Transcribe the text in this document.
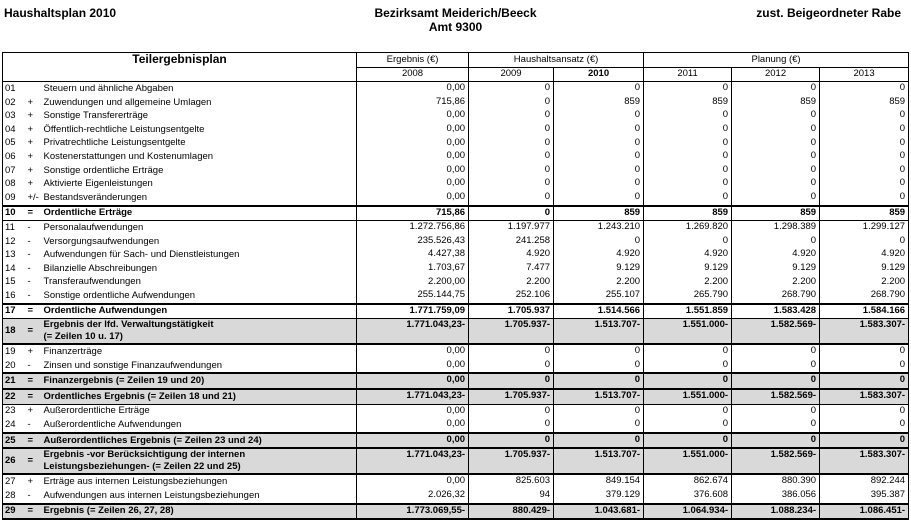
Haushaltsplan 2010	Bezirksamt Meiderich/Beeck
Amt 9300
zust. Beigeordneter Rabe
Teilergebnisplan			Ergebnis (€)	Haushaltsansatz (€)		Planung (€)		
			2008	2009	2010	2011	2012	2013
01		Steuern und ähnliche Abgaben	0,00	0	0	0	0	0
02	+	Zuwendungen und allgemeine Umlagen	715,86	0	859	859	859	859
03	+	Sonstige Transfererträge	0,00	0	0	0	0	0
04	+	Öffentlich-rechtliche Leistungsentgelte	0,00	0	0	0	0	0
05	+	Privatrechtliche Leistungsentgelte	0,00	0	0	0	0	0
06	+	Kostenerstattungen und Kostenumlagen	0,00	0	0	0	0	0
07	+	Sonstige ordentliche Erträge	0,00	0	0	0	0	0
08	+	Aktivierte Eigenleistungen	0,00	0	0	0	0	0
09	+/-	Bestandsveränderungen	0,00	0	0	0	0	0
10	=	Ordentliche Erträge	715,86	0	859	859	859	859
11	-	Personalaufwendungen	1.272.756,86	1.197.977	1.243.210	1.269.820	1.298.389	1.299.127
12	-	Versorgungsaufwendungen	235.526,43	241.258	0	0	0	0
13	-	Aufwendungen für Sach- und Dienstleistungen	4.427,38	4.920	4.920	4.920	4.920	4.920
14	-	Bilanzielle Abschreibungen	1.703,67	7.477	9.129	9.129	9.129	9.129
15	-	Transferaufwendungen	2.200,00	2.200	2.200	2.200	2.200	2.200
16	-	Sonstige ordentliche Aufwendungen	255.144,75	252.106	255.107	265.790	268.790	268.790
17	=	Ordentliche Aufwendungen	1.771.759,09	1.705.937	1.514.566	1.551.859	1.583.428	1.584.166
18	=	Ergebnis der lfd. Verwaltungstätigkeit
(= Zeilen 10 u. 17)	1.771.043,23-	1.705.937-	1.513.707-	1.551.000-	1.582.569-	1.583.307-
19	+	Finanzerträge	0,00	0	0	0	0	0
20	-	Zinsen und sonstige Finanzaufwendungen	0,00	0	0	0	0	0
21	=	Finanzergebnis (= Zeilen 19 und 20)	0,00	0	0	0	0	0
22	=	Ordentliches Ergebnis (= Zeilen 18 und 21)	1.771.043,23-	1.705.937-	1.513.707-	1.551.000-	1.582.569-	1.583.307-
23	+	Außerordentliche Erträge	0,00	0	0	0	0	0
24	-	Außerordentliche Aufwendungen	0,00	0	0	0	0	0
25	=	Außerordentliches Ergebnis (= Zeilen 23 und 24)	0,00	0	0	0	0	0
26	=	Ergebnis -vor Berücksichtigung der internen
Leistungsbeziehungen- (= Zeilen 22 und 25)	1.771.043,23-	1.705.937-	1.513.707-	1.551.000-	1.582.569-	1.583.307-
27	+	Erträge aus internen Leistungsbeziehungen	0,00	825.603	849.154	862.674	880.390	892.244
28	-	Aufwendungen aus internen Leistungsbeziehungen	2.026,32	94	379.129	376.608	386.056	395.387
29	=	Ergebnis (= Zeilen 26, 27, 28)	1.773.069,55-	880.429-	1.043.681-	1.064.934-	1.088.234-	1.086.451-
